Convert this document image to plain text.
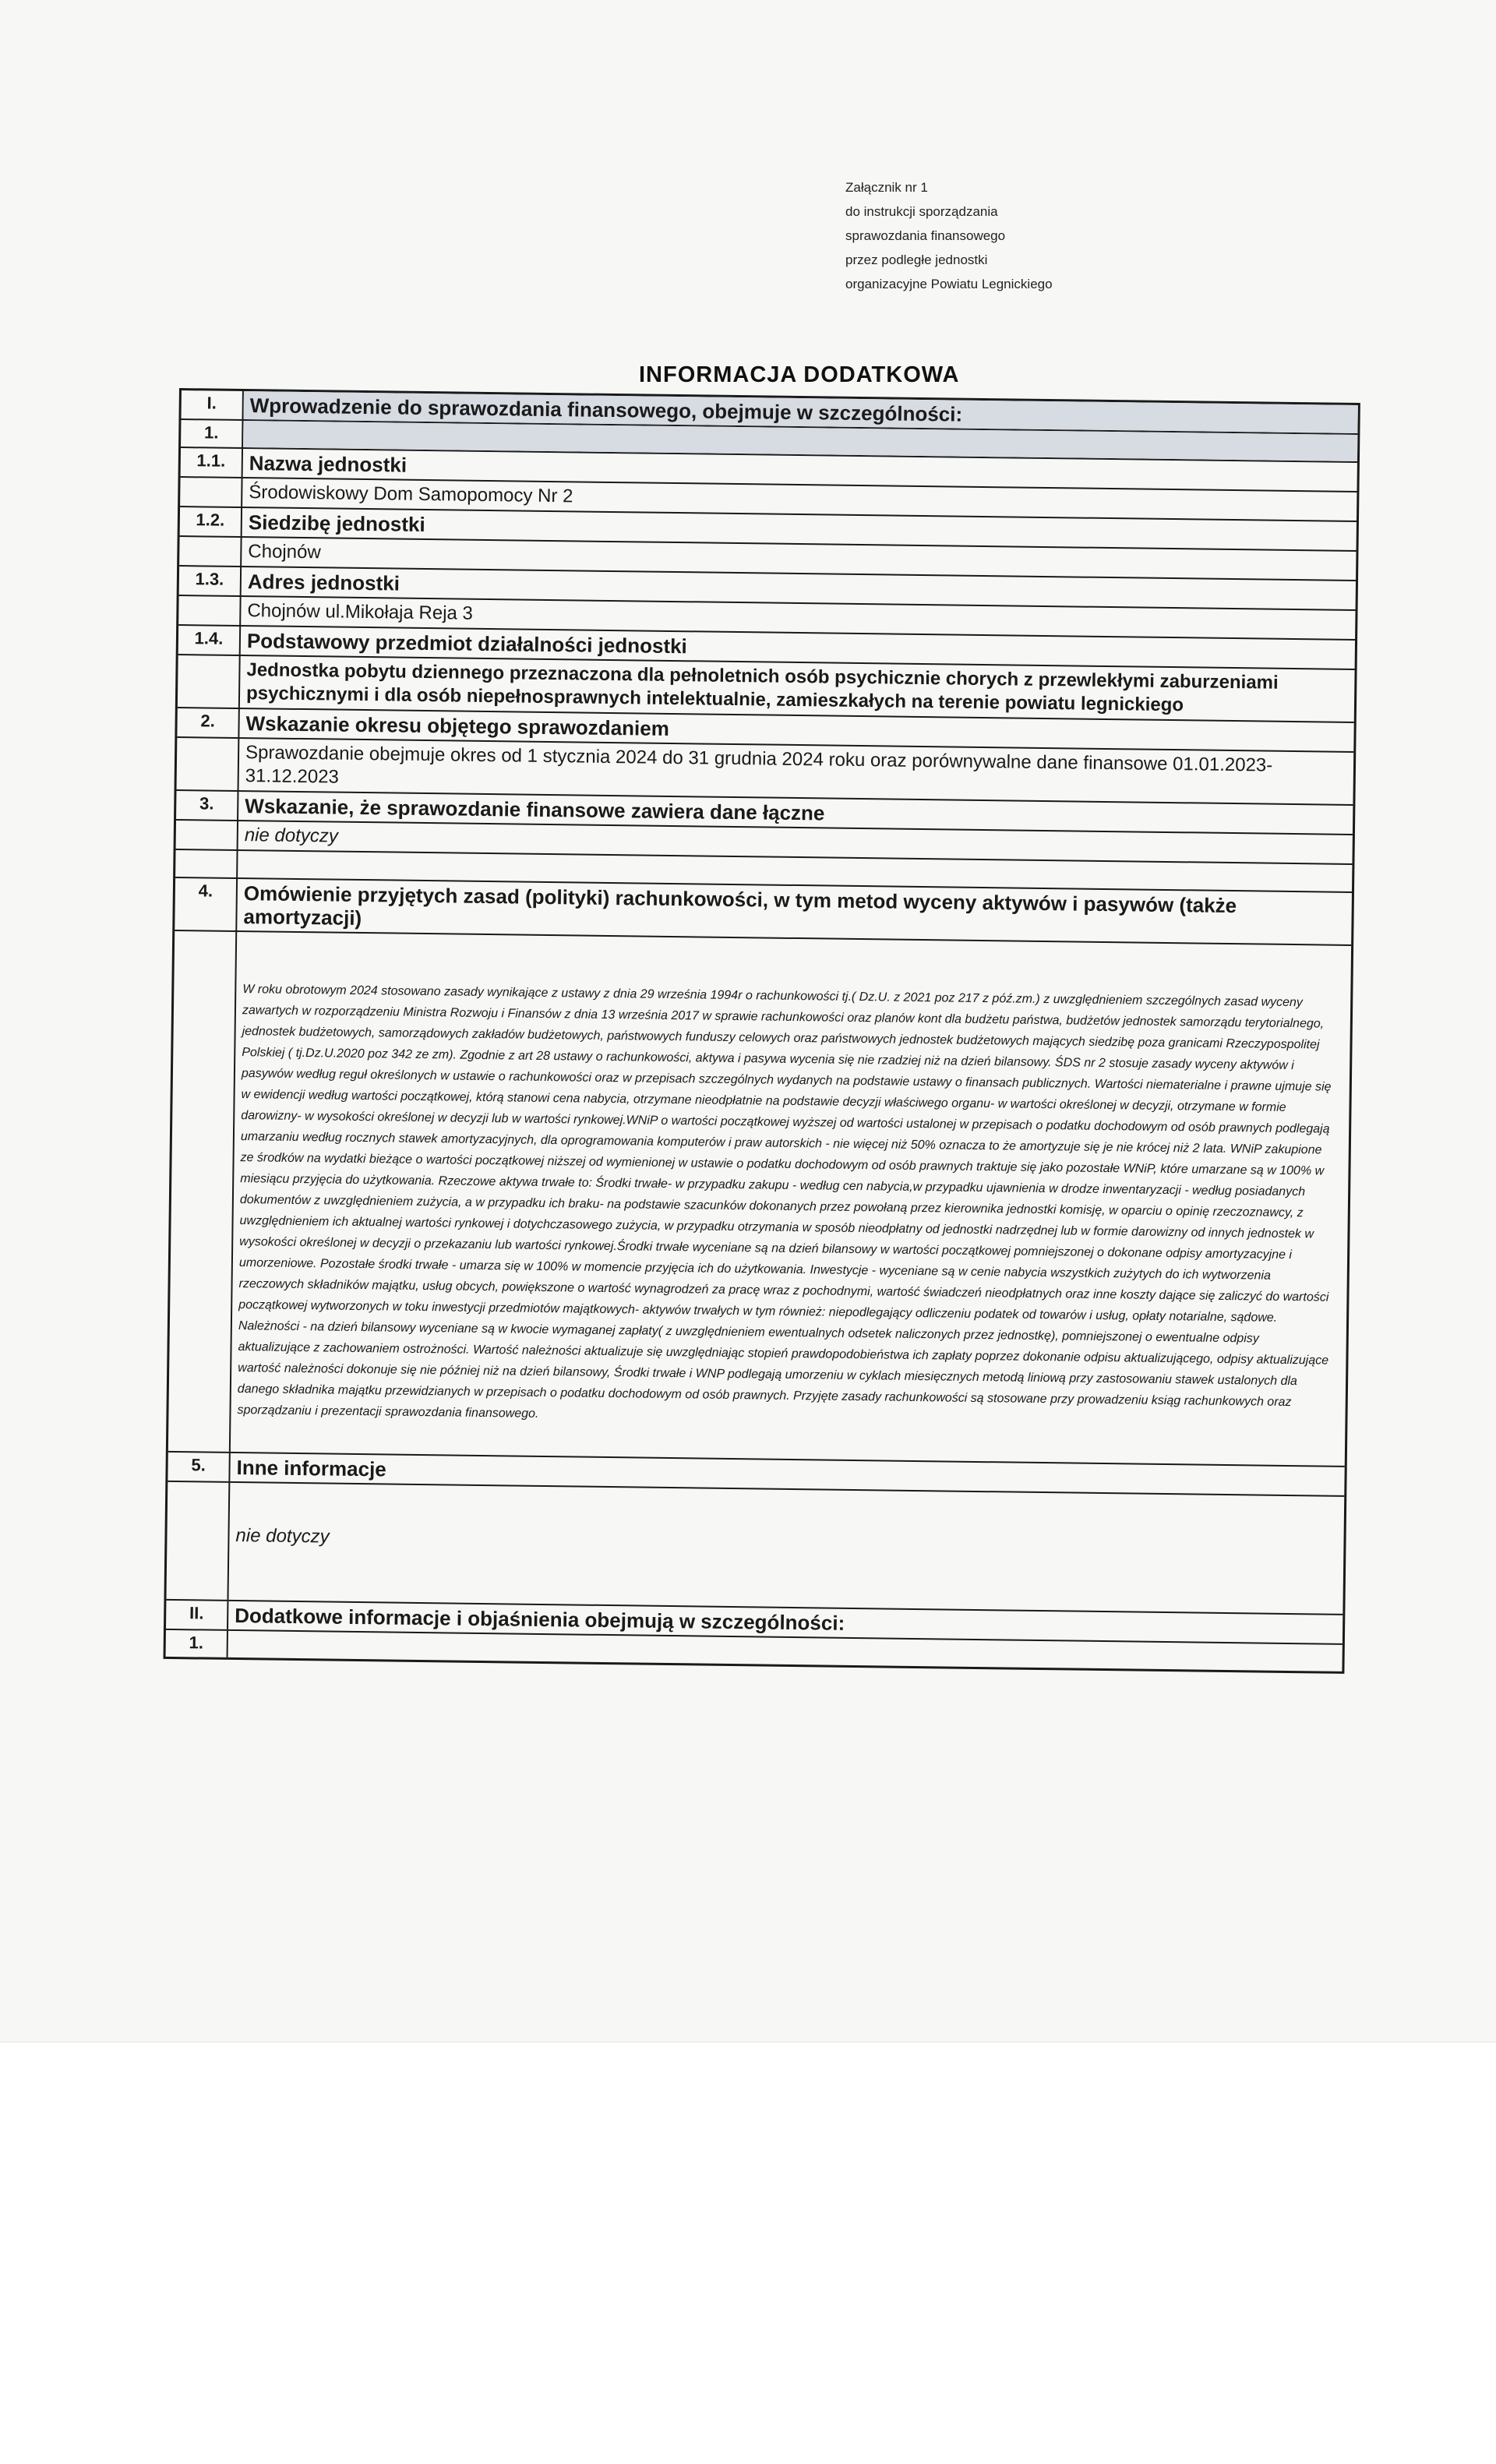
Załącznik nr 1
do instrukcji sporządzania
sprawozdania finansowego
przez podległe jednostki
organizacyjne Powiatu Legnickiego
INFORMACJA DODATKOWA
I.	Wprowadzenie do sprawozdania finansowego, obejmuje w szczególności:
1.
1.1.	Nazwa jednostki
Środowiskowy Dom Samopomocy Nr 2
1.2.	Siedzibę jednostki
Chojnów
1.3.	Adres jednostki
Chojnów ul.Mikołaja Reja 3
1.4.	Podstawowy przedmiot działalności jednostki
Jednostka pobytu dziennego przeznaczona dla pełnoletnich osób psychicznie chorych z przewlekłymi zaburzeniami psychicznymi i dla osób niepełnosprawnych intelektualnie, zamieszkałych na terenie powiatu legnickiego
2.	Wskazanie okresu objętego sprawozdaniem
Sprawozdanie obejmuje okres od 1 stycznia 2024 do 31 grudnia 2024 roku oraz porównywalne dane finansowe 01.01.2023-31.12.2023
3.	Wskazanie, że sprawozdanie finansowe zawiera dane łączne
nie dotyczy
4.	Omówienie przyjętych zasad (polityki) rachunkowości, w tym metod wyceny aktywów i pasywów (także amortyzacji)
W roku obrotowym 2024 stosowano zasady wynikające z ustawy z dnia 29 września 1994r o rachunkowości tj.( Dz.U. z 2021 poz 217 z póź.zm.) z uwzględnieniem szczególnych zasad wyceny zawartych w rozporządzeniu Ministra Rozwoju i Finansów z dnia 13 września 2017 w sprawie rachunkowości oraz planów kont dla budżetu państwa, budżetów jednostek samorządu terytorialnego, jednostek budżetowych, samorządowych zakładów budżetowych, państwowych funduszy celowych oraz państwowych jednostek budżetowych mających siedzibę poza granicami Rzeczypospolitej Polskiej ( tj.Dz.U.2020 poz 342 ze zm). Zgodnie z art 28 ustawy o rachunkowości, aktywa i pasywa wycenia się nie rzadziej niż na dzień bilansowy. ŚDS nr 2 stosuje zasady wyceny aktywów i pasywów według reguł określonych w ustawie o rachunkowości oraz w przepisach szczególnych wydanych na podstawie ustawy o finansach publicznych. Wartości niematerialne i prawne ujmuje się w ewidencji według wartości początkowej, którą stanowi cena nabycia, otrzymane nieodpłatnie na podstawie decyzji właściwego organu- w wartości określonej w decyzji, otrzymane w formie darowizny- w wysokości określonej w decyzji lub w wartości rynkowej.WNiP o wartości początkowej wyższej od wartości ustalonej w przepisach o podatku dochodowym od osób prawnych podlegają umarzaniu według rocznych stawek amortyzacyjnych, dla oprogramowania komputerów i praw autorskich - nie więcej niż 50% oznacza to że amortyzuje się je nie krócej niż 2 lata. WNiP zakupione ze środków na wydatki bieżące o wartości początkowej niższej od wymienionej w ustawie o podatku dochodowym od osób prawnych traktuje się jako pozostałe WNiP, które umarzane są w 100% w miesiącu przyjęcia do użytkowania. Rzeczowe aktywa trwałe to: Środki trwałe- w przypadku zakupu - według cen nabycia,w przypadku ujawnienia w drodze inwentaryzacji - według posiadanych dokumentów z uwzględnieniem zużycia, a w przypadku ich braku- na podstawie szacunków dokonanych przez powołaną przez kierownika jednostki komisję, w oparciu o opinię rzeczoznawcy, z uwzględnieniem ich aktualnej wartości rynkowej i dotychczasowego zużycia, w przypadku otrzymania w sposób nieodpłatny od jednostki nadrzędnej lub w formie darowizny od innych jednostek w wysokości określonej w decyzji o przekazaniu lub wartości rynkowej.Środki trwałe wyceniane są na dzień bilansowy w wartości początkowej pomniejszonej o dokonane odpisy amortyzacyjne i umorzeniowe. Pozostałe środki trwałe - umarza się w 100% w momencie przyjęcia ich do użytkowania. Inwestycje - wyceniane są w cenie nabycia wszystkich zużytych do ich wytworzenia rzeczowych składników majątku, usług obcych, powiększone o wartość wynagrodzeń za pracę wraz z pochodnymi, wartość świadczeń nieodpłatnych oraz inne koszty dające się zaliczyć do wartości początkowej wytworzonych w toku inwestycji przedmiotów majątkowych- aktywów trwałych w tym również: niepodlegający odliczeniu podatek od towarów i usług, opłaty notarialne, sądowe. Należności - na dzień bilansowy wyceniane są w kwocie wymaganej zapłaty( z uwzględnieniem ewentualnych odsetek naliczonych przez jednostkę), pomniejszonej o ewentualne odpisy aktualizujące z zachowaniem ostrożności. Wartość należności aktualizuje się uwzględniając stopień prawdopodobieństwa ich zapłaty poprzez dokonanie odpisu aktualizującego, odpisy aktualizujące wartość należności dokonuje się nie później niż na dzień bilansowy, Środki trwałe i WNP podlegają umorzeniu w cyklach miesięcznych metodą liniową przy zastosowaniu stawek ustalonych dla danego składnika majątku przewidzianych w przepisach o podatku dochodowym od osób prawnych. Przyjęte zasady rachunkowości są stosowane przy prowadzeniu ksiąg rachunkowych oraz sporządzaniu i prezentacji sprawozdania finansowego.
5.	Inne informacje
nie dotyczy
II.	Dodatkowe informacje i objaśnienia obejmują w szczególności:
1.
